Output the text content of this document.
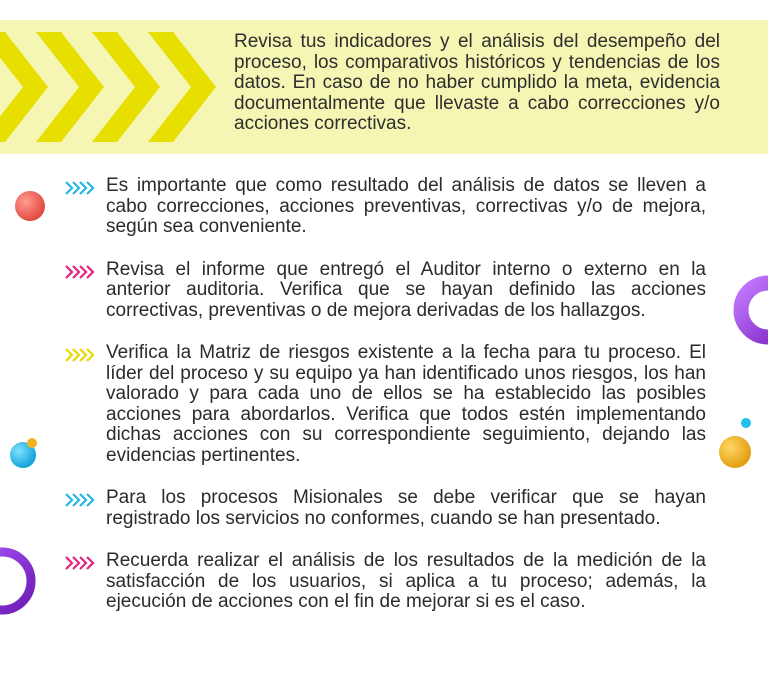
Revisa tus indicadores y el análisis del desempeño del proceso, los comparativos históricos y tendencias de los datos. En caso de no haber cumplido la meta, evidencia documentalmente que llevaste a cabo correcciones y/o acciones correctivas.
Es importante que como resultado del análisis de datos se lleven a cabo correcciones, acciones preventivas, correctivas y/o de mejora, según sea conveniente.
Revisa el informe que entregó el Auditor interno o externo en la anterior auditoria. Verifica que se hayan definido las acciones correctivas, preventivas o de mejora derivadas de los hallazgos.
Verifica la Matriz de riesgos existente a la fecha para tu proceso. El líder del proceso y su equipo ya han identificado unos riesgos, los han valorado y para cada uno de ellos se ha establecido las posibles acciones para abordarlos. Verifica que todos estén implementando dichas acciones con su correspondiente seguimiento, dejando las evidencias pertinentes.
Para los procesos Misionales se debe verificar que se hayan registrado los servicios no conformes, cuando se han presentado.
Recuerda realizar el análisis de los resultados de la medición de la satisfacción de los usuarios, si aplica a tu proceso; además, la ejecución de acciones con el fin de mejorar si es el caso.
